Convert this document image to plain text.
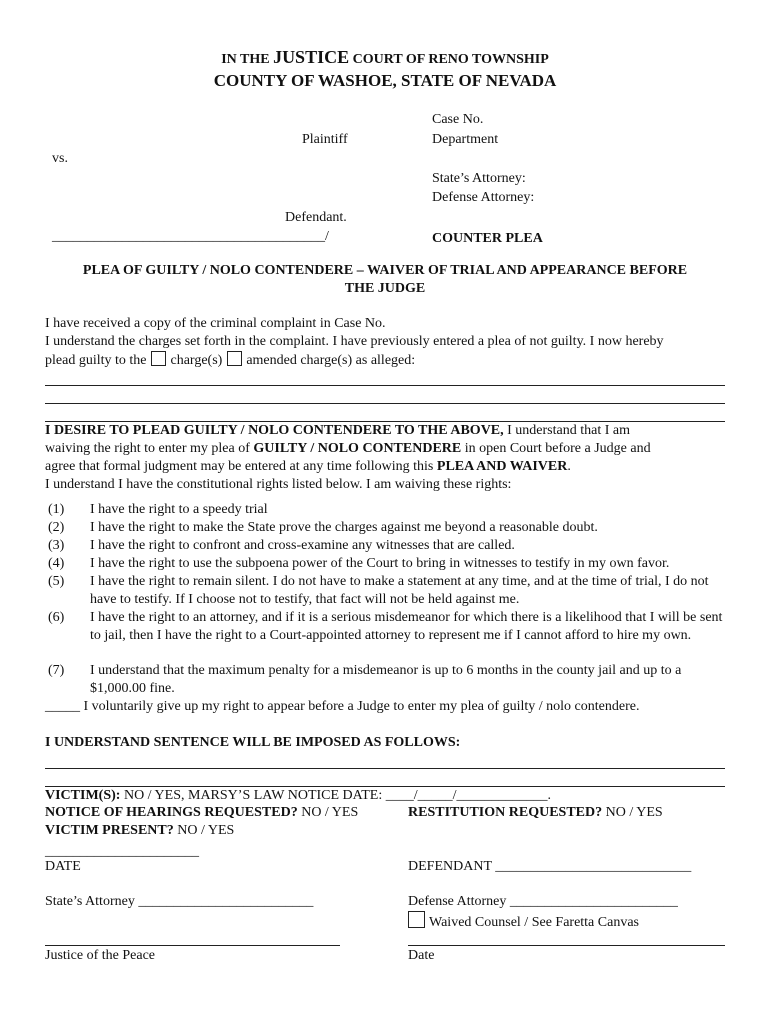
IN THE JUSTICE COURT OF RENO TOWNSHIP
COUNTY OF WASHOE, STATE OF NEVADA
Case No.
Plaintiff	Department
vs.
State’s Attorney:
Defense Attorney:
Defendant.
_______________________________________/	COUNTER PLEA
PLEA OF GUILTY / NOLO CONTENDERE – WAIVER OF TRIAL AND APPEARANCE BEFORE
THE JUDGE
I have received a copy of the criminal complaint in Case No.
I understand the charges set forth in the complaint. I have previously entered a plea of not guilty. I now hereby
plead guilty to the charge(s) amended charge(s) as alleged:
I DESIRE TO PLEAD GUILTY / NOLO CONTENDERE TO THE ABOVE, I understand that I am
waiving the right to enter my plea of GUILTY / NOLO CONTENDERE in open Court before a Judge and
agree that formal judgment may be entered at any time following this PLEA AND WAIVER.
I understand I have the constitutional rights listed below. I am waiving these rights:
(1) I have the right to a speedy trial
(2) I have the right to make the State prove the charges against me beyond a reasonable doubt.
(3) I have the right to confront and cross-examine any witnesses that are called.
(4) I have the right to use the subpoena power of the Court to bring in witnesses to testify in my own favor.
(5) I have the right to remain silent. I do not have to make a statement at any time, and at the time of trial, I do not have to testify. If I choose not to testify, that fact will not be held against me.
(6) I have the right to an attorney, and if it is a serious misdemeanor for which there is a likelihood that I will be sent to jail, then I have the right to a Court-appointed attorney to represent me if I cannot afford to hire my own.
(7) I understand that the maximum penalty for a misdemeanor is up to 6 months in the county jail and up to a $1,000.00 fine.
_____ I voluntarily give up my right to appear before a Judge to enter my plea of guilty / nolo contendere.
I UNDERSTAND SENTENCE WILL BE IMPOSED AS FOLLOWS:
VICTIM(S): NO / YES, MARSY’S LAW NOTICE DATE: ____/_____/_____________.
NOTICE OF HEARINGS REQUESTED? NO / YES	RESTITUTION REQUESTED? NO / YES
VICTIM PRESENT? NO / YES
______________________
DATE	DEFENDANT ____________________________
State’s Attorney _________________________	Defense Attorney ________________________
Waived Counsel / See Faretta Canvas
Justice of the Peace	Date
